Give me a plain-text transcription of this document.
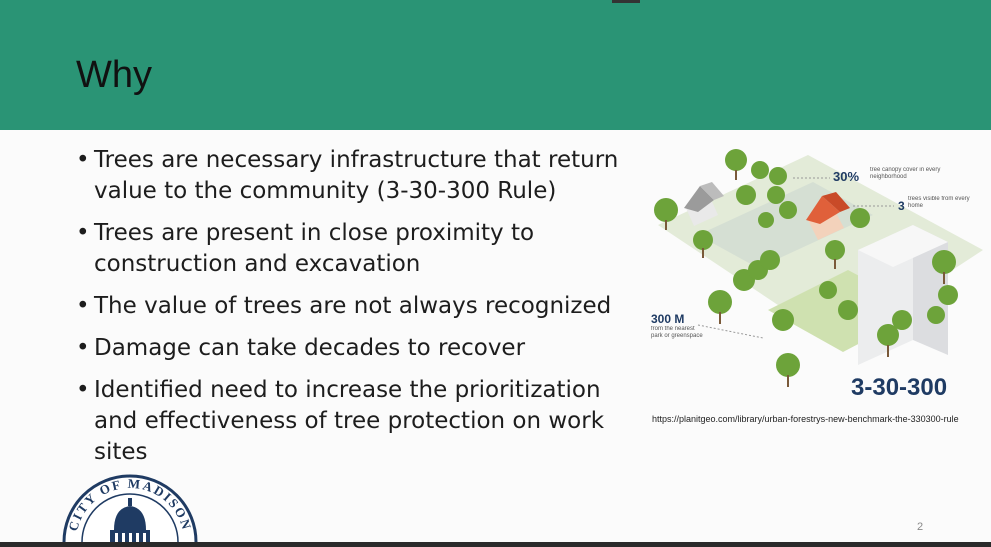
Why
• Trees are necessary infrastructure that return value to the community (3-30-300 Rule)
• Trees are present in close proximity to construction and excavation
• The value of trees are not always recognized
• Damage can take decades to recover
• Identified need to increase the prioritization and effectiveness of tree protection on work sites
30% tree canopy cover in every neighborhood
3 trees visible from every home
300 M
from the nearest park or greenspace
3-30-300
https://planitgeo.com/library/urban-forestrys-new-benchmark-the-330300-rule
CITY OF MADISON	2
